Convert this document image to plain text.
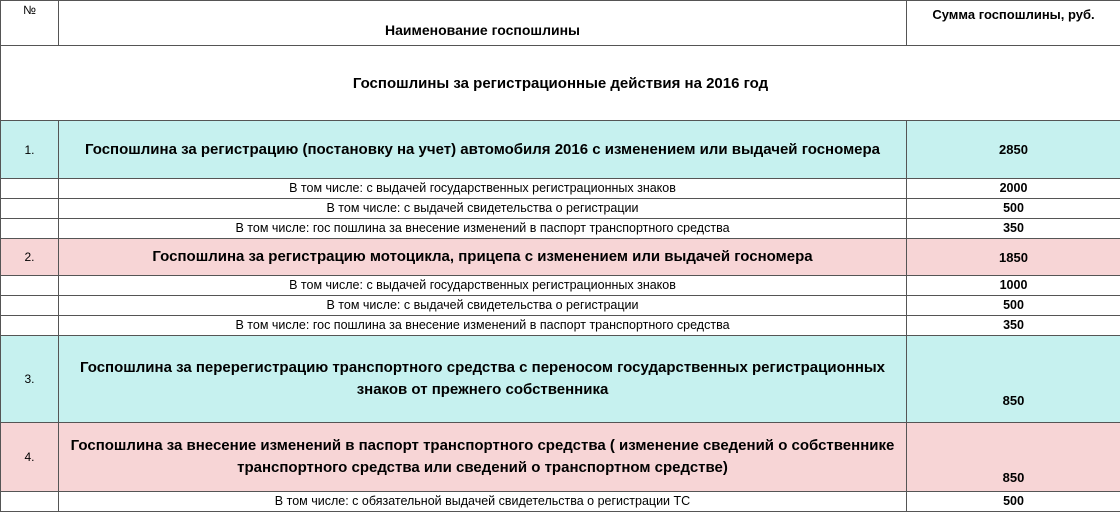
№	Наименование госпошлины	Сумма госпошлины, руб.
Госпошлины за регистрационные действия на 2016 год		
1.	Госпошлина за регистрацию (постановку на учет) автомобиля 2016 с изменением или выдачей госномера	2850
	В том числе: с выдачей государственных регистрационных знаков	2000
	В том числе: с выдачей свидетельства о регистрации	500
	В том числе: гос пошлина за внесение изменений в паспорт транспортного средства	350
2.	Госпошлина за регистрацию мотоцикла, прицепа с изменением или выдачей госномера	1850
	В том числе: с выдачей государственных регистрационных знаков	1000
	В том числе: с выдачей свидетельства о регистрации	500
	В том числе: гос пошлина за внесение изменений в паспорт транспортного средства	350
3.	Госпошлина за перерегистрацию транспортного средства с переносом государственных регистрационных знаков от прежнего собственника	850
4.	Госпошлина за внесение изменений в паспорт транспортного средства ( изменение сведений о собственнике транспортного средства или сведений о транспортном средстве)	850
	В том числе: с обязательной выдачей свидетельства о регистрации ТС	500
